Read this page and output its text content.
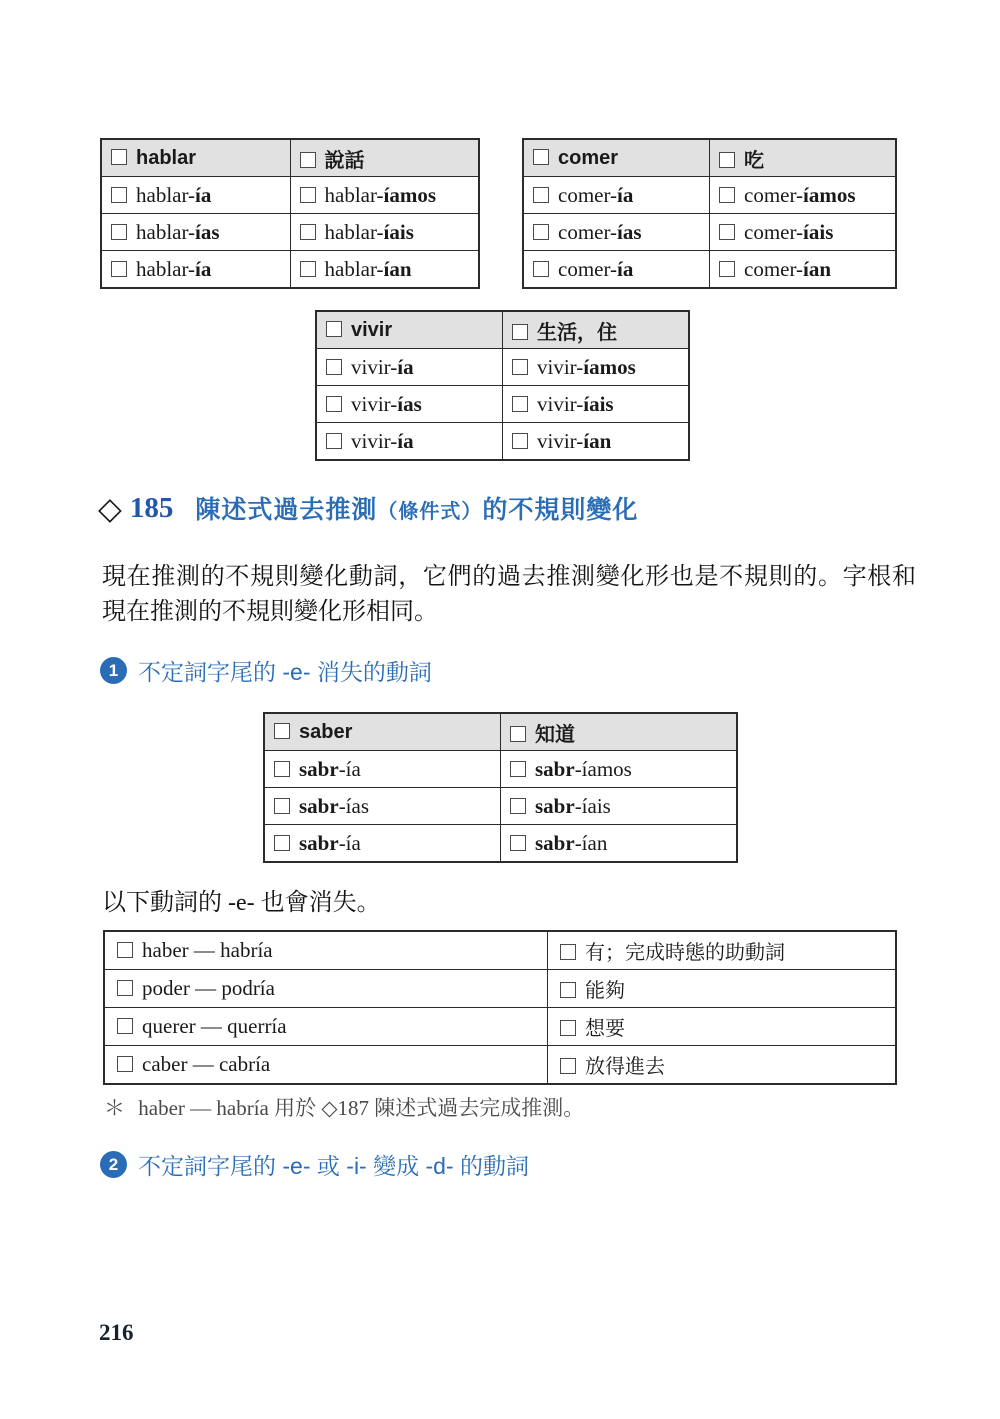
hablar	說話
hablar-ía	hablar-íamos
hablar-ías	hablar-íais
hablar-ía	hablar-ían
comer	吃
comer-ía	comer-íamos
comer-ías	comer-íais
comer-ía	comer-ían
vivir	生活，住
vivir-ía	vivir-íamos
vivir-ías	vivir-íais
vivir-ía	vivir-ían
◇ 185 陳述式過去推測（條件式）的不規則變化
現在推測的不規則變化動詞，它們的過去推測變化形也是不規則的。字根和現在推測的不規則變化形相同。
1 不定詞字尾的 -e- 消失的動詞
saber	知道
sabr-ía	sabr-íamos
sabr-ías	sabr-íais
sabr-ía	sabr-ían
以下動詞的 -e- 也會消失。
haber — habría	有；完成時態的助動詞
poder — podría	能夠
querer — querría	想要
caber — cabría	放得進去
＊ haber — habría 用於 ◇187 陳述式過去完成推測。
2 不定詞字尾的 -e- 或 -i- 變成 -d- 的動詞
216
